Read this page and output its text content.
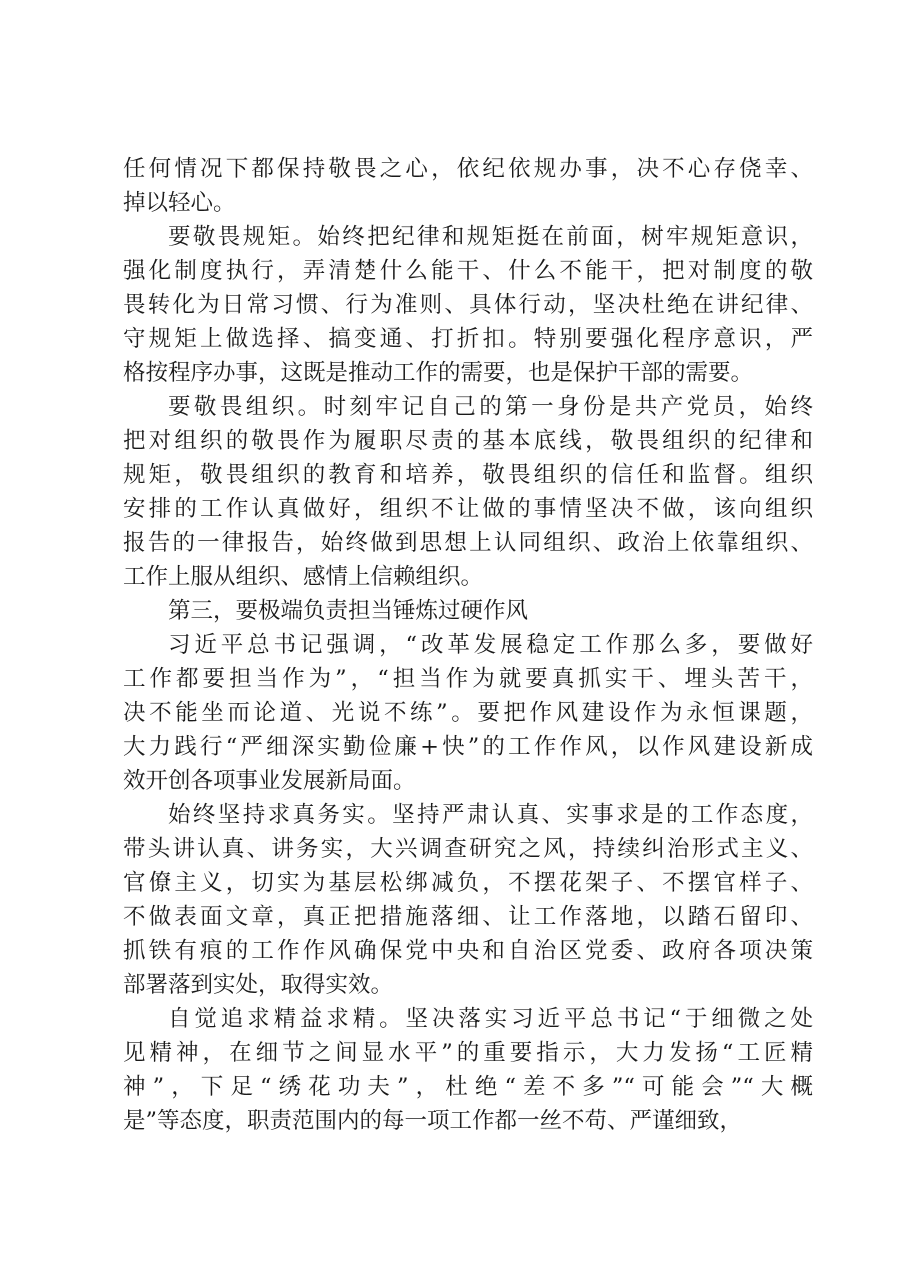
任何情况下都保持敬畏之心，依纪依规办事，决不心存侥幸、
掉以轻心。
要敬畏规矩。始终把纪律和规矩挺在前面，树牢规矩意识，
强化制度执行，弄清楚什么能干、什么不能干，把对制度的敬
畏转化为日常习惯、行为准则、具体行动，坚决杜绝在讲纪律、
守规矩上做选择、搞变通、打折扣。特别要强化程序意识，严
格按程序办事，这既是推动工作的需要，也是保护干部的需要。
要敬畏组织。时刻牢记自己的第一身份是共产党员，始终
把对组织的敬畏作为履职尽责的基本底线，敬畏组织的纪律和
规矩，敬畏组织的教育和培养，敬畏组织的信任和监督。组织
安排的工作认真做好，组织不让做的事情坚决不做，该向组织
报告的一律报告，始终做到思想上认同组织、政治上依靠组织、
工作上服从组织、感情上信赖组织。
第三，要极端负责担当锤炼过硬作风
习近平总书记强调，“改革发展稳定工作那么多，要做好
工作都要担当作为”，“担当作为就要真抓实干、埋头苦干，
决不能坐而论道、光说不练”。要把作风建设作为永恒课题，
大力践行“严细深实勤俭廉+快”的工作作风，以作风建设新成
效开创各项事业发展新局面。
始终坚持求真务实。坚持严肃认真、实事求是的工作态度，
带头讲认真、讲务实，大兴调查研究之风，持续纠治形式主义、
官僚主义，切实为基层松绑减负，不摆花架子、不摆官样子、
不做表面文章，真正把措施落细、让工作落地，以踏石留印、
抓铁有痕的工作作风确保党中央和自治区党委、政府各项决策
部署落到实处，取得实效。
自觉追求精益求精。坚决落实习近平总书记“于细微之处
见精神，在细节之间显水平”的重要指示，大力发扬“工匠精
神”，下足“绣花功夫”，杜绝“差不多”“可能会”“大概
是”等态度，职责范围内的每一项工作都一丝不苟、严谨细致，
